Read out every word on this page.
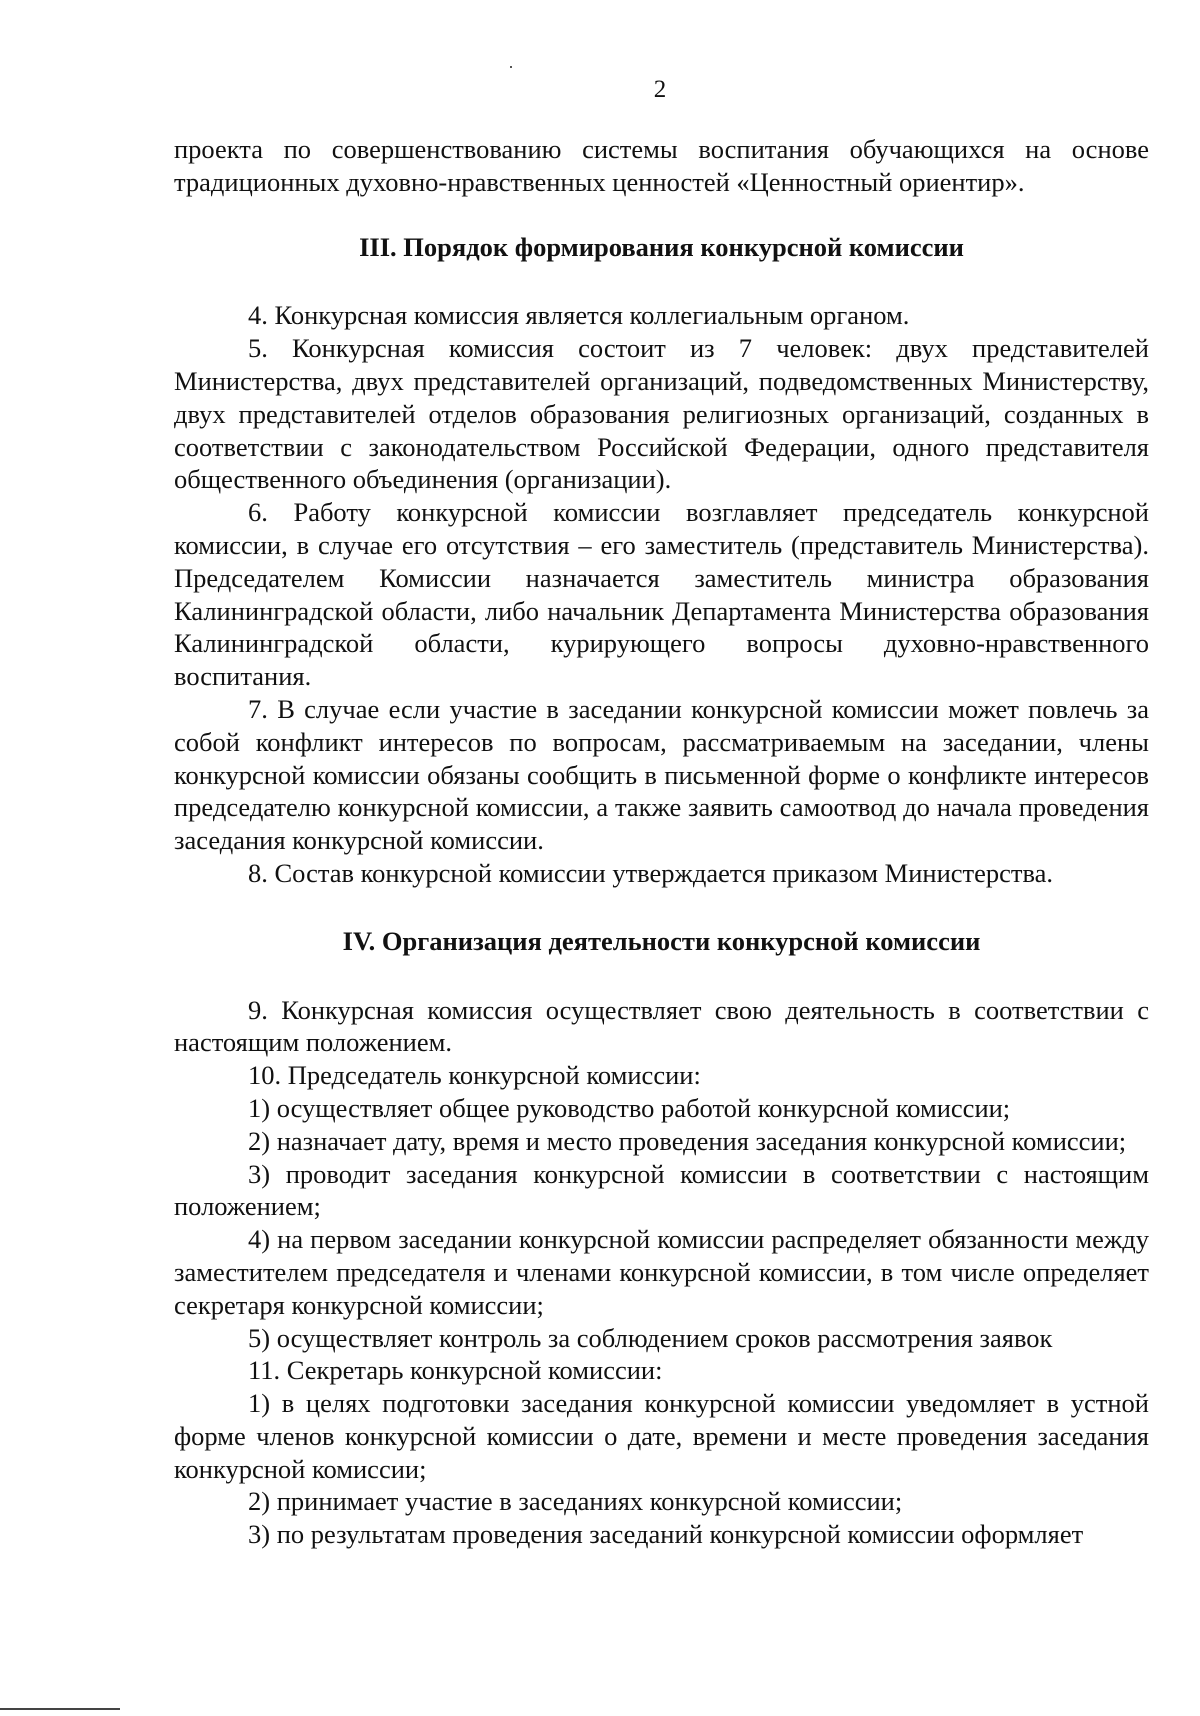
2

проекта по совершенствованию системы воспитания обучающихся на основе традиционных духовно-нравственных ценностей «Ценностный ориентир».

III. Порядок формирования конкурсной комиссии

4. Конкурсная комиссия является коллегиальным органом.

5. Конкурсная комиссия состоит из 7 человек: двух представителей Министерства, двух представителей организаций, подведомственных Министерству, двух представителей отделов образования религиозных организаций, созданных в соответствии с законодательством Российской Федерации, одного представителя общественного объединения (организации).

6. Работу конкурсной комиссии возглавляет председатель конкурсной комиссии, в случае его отсутствия – его заместитель (представитель Министерства). Председателем Комиссии назначается заместитель министра образования Калининградской области, либо начальник Департамента Министерства образования Калининградской области, курирующего вопросы духовно-нравственного воспитания.

7. В случае если участие в заседании конкурсной комиссии может повлечь за собой конфликт интересов по вопросам, рассматриваемым на заседании, члены конкурсной комиссии обязаны сообщить в письменной форме о конфликте интересов председателю конкурсной комиссии, а также заявить самоотвод до начала проведения заседания конкурсной комиссии.

8. Состав конкурсной комиссии утверждается приказом Министерства.

IV. Организация деятельности конкурсной комиссии

9. Конкурсная комиссия осуществляет свою деятельность в соответствии с настоящим положением.

10. Председатель конкурсной комиссии:

1) осуществляет общее руководство работой конкурсной комиссии;

2) назначает дату, время и место проведения заседания конкурсной комиссии;

3) проводит заседания конкурсной комиссии в соответствии с настоящим положением;

4) на первом заседании конкурсной комиссии распределяет обязанности между заместителем председателя и членами конкурсной комиссии, в том числе определяет секретаря конкурсной комиссии;

5) осуществляет контроль за соблюдением сроков рассмотрения заявок

11. Секретарь конкурсной комиссии:

1) в целях подготовки заседания конкурсной комиссии уведомляет в устной форме членов конкурсной комиссии о дате, времени и месте проведения заседания конкурсной комиссии;

2) принимает участие в заседаниях конкурсной комиссии;

3) по результатам проведения заседаний конкурсной комиссии оформляет
